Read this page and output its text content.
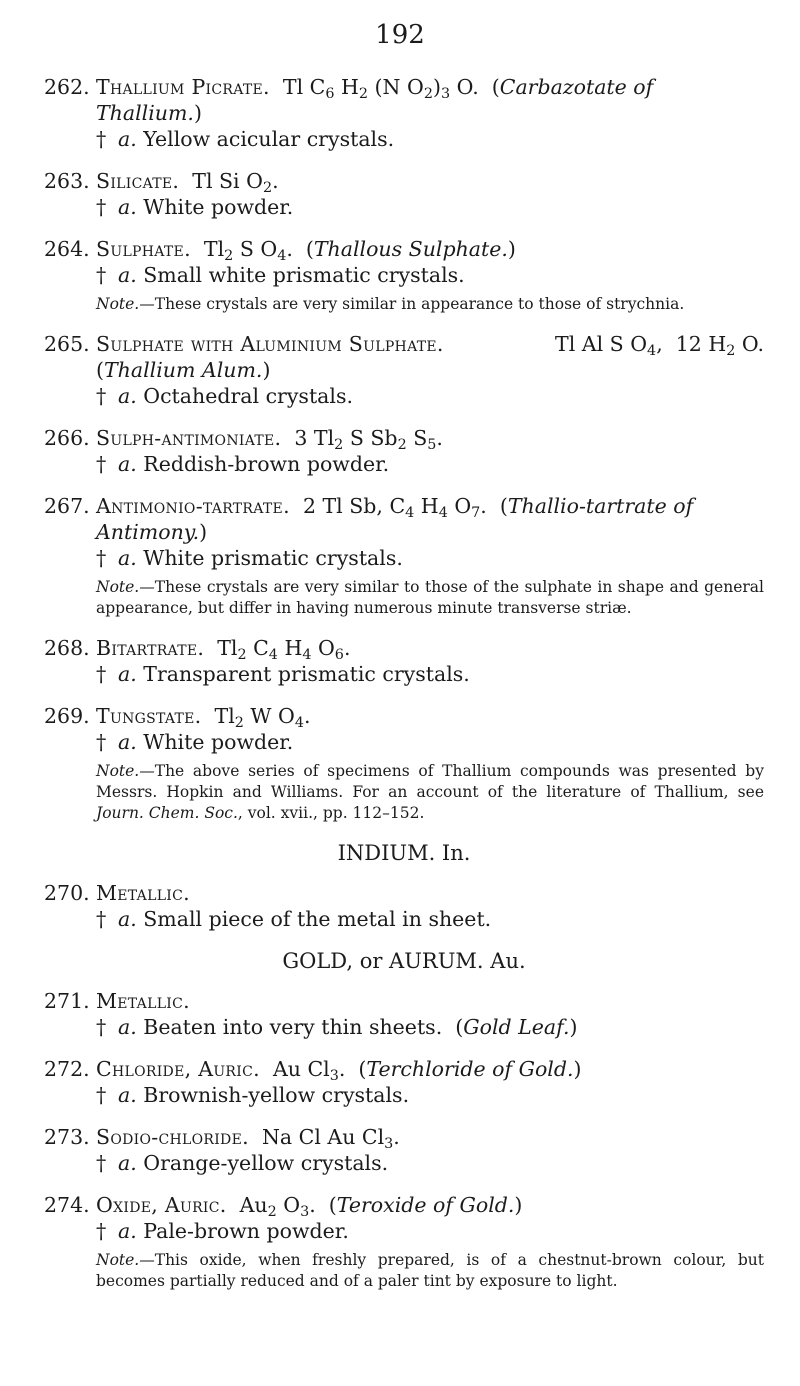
192
262. Thallium Picrate.  Tl $C_6$ $H_2$ (N $O_2)_3$ O.  (Carbazotate of Thallium.)
† a. Yellow acicular crystals.
263. Silicate.  Tl Si $O_2$.
† a. White powder.
264. Sulphate.  $Tl_2$ S $O_4$.  (Thallous Sulphate.)
† a. Small white prismatic crystals.
Note.—These crystals are very similar in appearance to those of strychnia.
265. Sulphate with Aluminium Sulphate.	Tl Al S $O_4$,  12 $H_2$ O.
(Thallium Alum.)
† a. Octahedral crystals.
266. Sulph-antimoniate.  3 $Tl_2$ S $Sb_2$ $S_5$.
† a. Reddish-brown powder.
267. Antimonio-tartrate.  2 Tl Sb, $C_4$ $H_4$ $O_7$.  (Thallio-tartrate of
Antimony.)
† a. White prismatic crystals.
Note.—These crystals are very similar to those of the sulphate in shape and general appearance, but differ in having numerous minute transverse striæ.
268. Bitartrate.  $Tl_2$ $C_4$ $H_4$ $O_6$.
† a. Transparent prismatic crystals.
269. Tungstate.  $Tl_2$ W $O_4$.
† a. White powder.
Note.—The above series of specimens of Thallium compounds was presented by Messrs. Hopkin and Williams. For an account of the literature of Thallium, see Journ. Chem. Soc., vol. xvii., pp. 112–152.
INDIUM. In.
270. Metallic.
† a. Small piece of the metal in sheet.
GOLD, or AURUM. Au.
271. Metallic.
† a. Beaten into very thin sheets.  (Gold Leaf.)
272. Chloride, Auric.  Au $Cl_3$.  (Terchloride of Gold.)
† a. Brownish-yellow crystals.
273. Sodio-chloride.  Na Cl Au $Cl_3$.
† a. Orange-yellow crystals.
274. Oxide, Auric.  $Au_2$ $O_3$.  (Teroxide of Gold.)
† a. Pale-brown powder.
Note.—This oxide, when freshly prepared, is of a chestnut-brown colour, but becomes partially reduced and of a paler tint by exposure to light.
